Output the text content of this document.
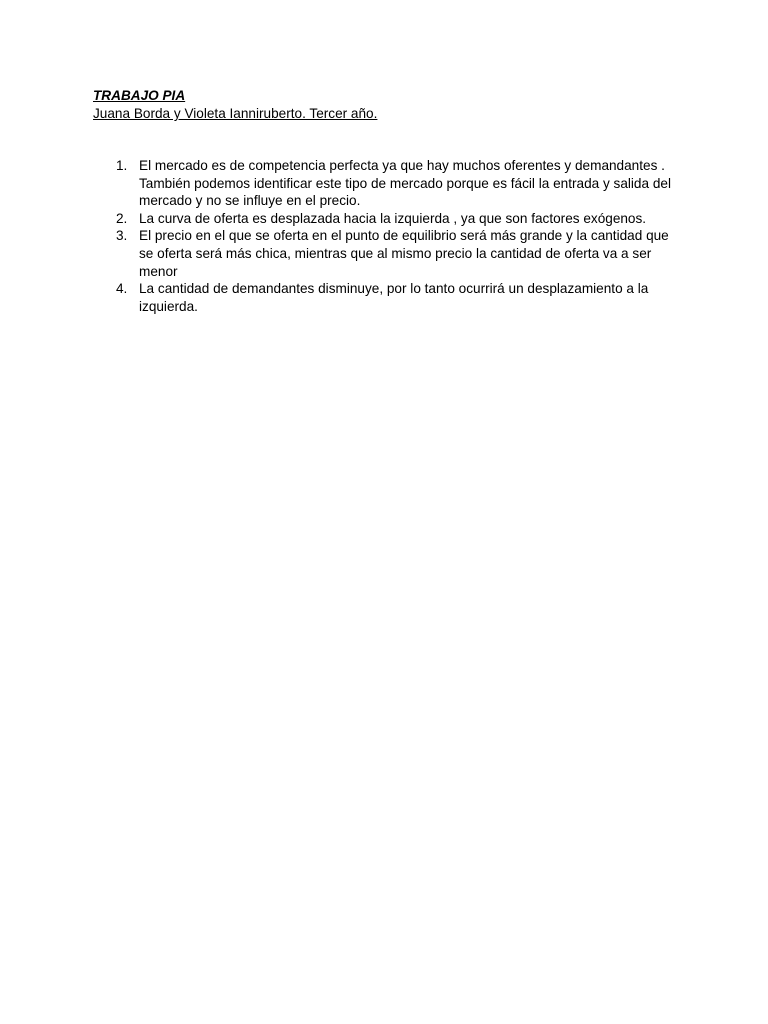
TRABAJO PIA
Juana Borda y Violeta Ianniruberto. Tercer año.
1. El mercado es de competencia perfecta ya que hay muchos oferentes y demandantes . También podemos identificar este tipo de mercado porque es fácil la entrada y salida del mercado y no se influye en el precio.
2. La curva de oferta es desplazada hacia la izquierda , ya que son factores exógenos.
3. El precio en el que se oferta en el punto de equilibrio será más grande y la cantidad que se oferta será más chica, mientras que al mismo precio la cantidad de oferta va a ser menor
4. La cantidad de demandantes disminuye, por lo tanto ocurrirá un desplazamiento a la izquierda.
